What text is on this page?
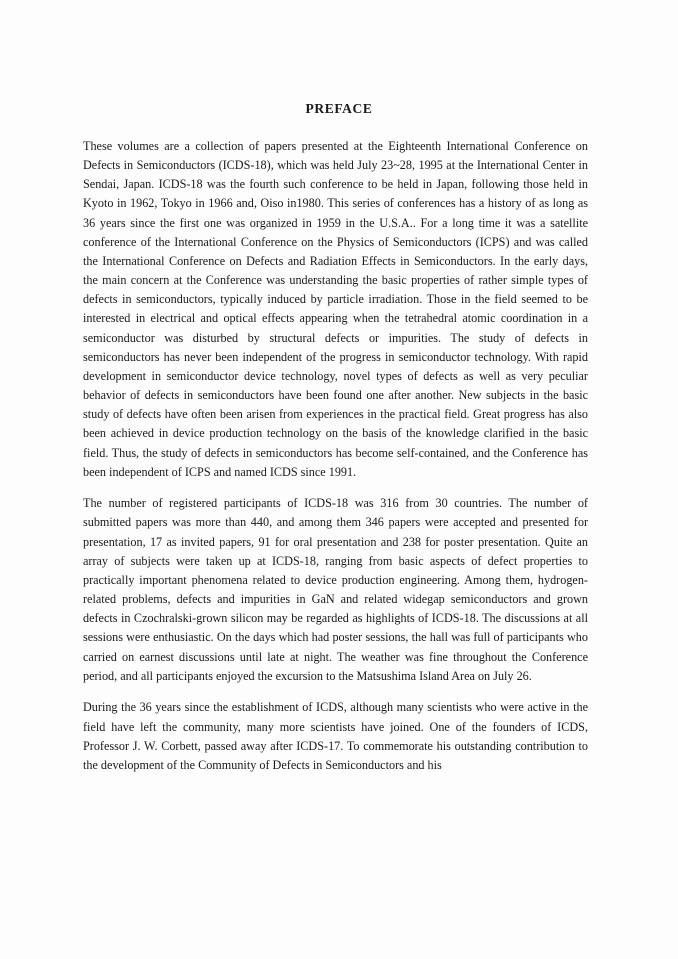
PREFACE

These volumes are a collection of papers presented at the Eighteenth International Conference on Defects in Semiconductors (ICDS-18), which was held July 23~28, 1995 at the International Center in Sendai, Japan. ICDS-18 was the fourth such conference to be held in Japan, following those held in Kyoto in 1962, Tokyo in 1966 and, Oiso in1980. This series of conferences has a history of as long as 36 years since the first one was organized in 1959 in the U.S.A.. For a long time it was a satellite conference of the International Conference on the Physics of Semiconductors (ICPS) and was called the International Conference on Defects and Radiation Effects in Semiconductors. In the early days, the main concern at the Conference was understanding the basic properties of rather simple types of defects in semiconductors, typically induced by particle irradiation. Those in the field seemed to be interested in electrical and optical effects appearing when the tetrahedral atomic coordination in a semiconductor was disturbed by structural defects or impurities. The study of defects in semiconductors has never been independent of the progress in semiconductor technology. With rapid development in semiconductor device technology, novel types of defects as well as very peculiar behavior of defects in semiconductors have been found one after another. New subjects in the basic study of defects have often been arisen from experiences in the practical field. Great progress has also been achieved in device production technology on the basis of the knowledge clarified in the basic field. Thus, the study of defects in semiconductors has become self-contained, and the Conference has been independent of ICPS and named ICDS since 1991.

The number of registered participants of ICDS-18 was 316 from 30 countries. The number of submitted papers was more than 440, and among them 346 papers were accepted and presented for presentation, 17 as invited papers, 91 for oral presentation and 238 for poster presentation. Quite an array of subjects were taken up at ICDS-18, ranging from basic aspects of defect properties to practically important phenomena related to device production engineering. Among them, hydrogen-related problems, defects and impurities in GaN and related widegap semiconductors and grown defects in Czochralski-grown silicon may be regarded as highlights of ICDS-18. The discussions at all sessions were enthusiastic. On the days which had poster sessions, the hall was full of participants who carried on earnest discussions until late at night. The weather was fine throughout the Conference period, and all participants enjoyed the excursion to the Matsushima Island Area on July 26.

During the 36 years since the establishment of ICDS, although many scientists who were active in the field have left the community, many more scientists have joined. One of the founders of ICDS, Professor J. W. Corbett, passed away after ICDS-17. To commemorate his outstanding contribution to the development of the Community of Defects in Semiconductors and his
